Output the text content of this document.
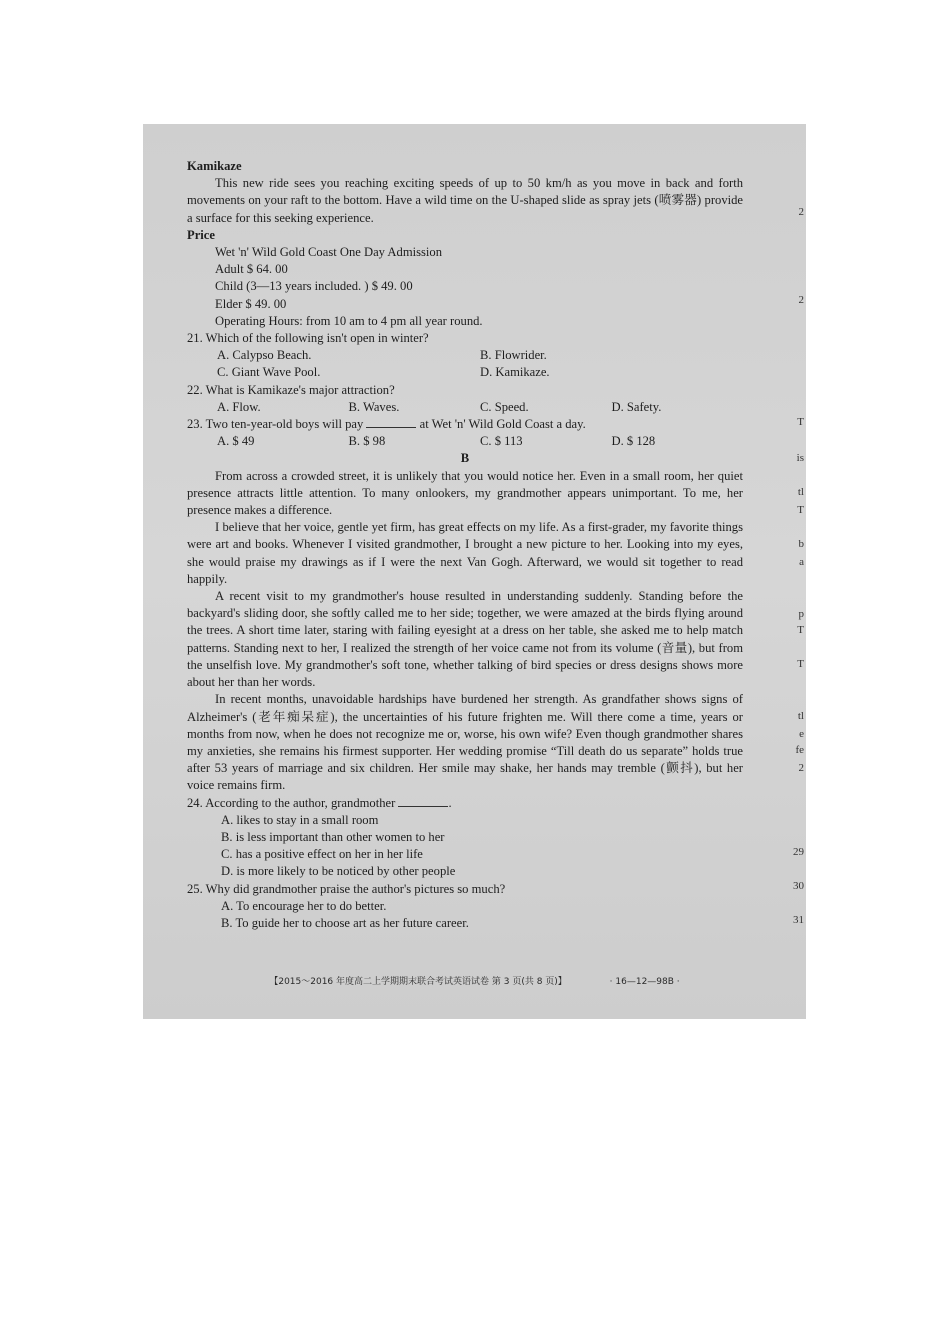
Kamikaze
This new ride sees you reaching exciting speeds of up to 50 km/h as you move in back and forth movements on your raft to the bottom. Have a wild time on the U-shaped slide as spray jets (喷雾器) provide a surface for this seeking experience.
Price
Wet 'n' Wild Gold Coast One Day Admission
Adult $ 64. 00
Child (3—13 years included. ) $ 49. 00
Elder $ 49. 00
Operating Hours: from 10 am to 4 pm all year round.
21. Which of the following isn't open in winter?
A. Calypso Beach.	B. Flowrider.
C. Giant Wave Pool.	D. Kamikaze.
22. What is Kamikaze's major attraction?
A. Flow.	B. Waves.	C. Speed.	D. Safety.
23. Two ten-year-old boys will pay	at Wet 'n' Wild Gold Coast a day.
A. $ 49	B. $ 98	C. $ 113	D. $ 128
B
From across a crowded street, it is unlikely that you would notice her. Even in a small room, her quiet presence attracts little attention. To many onlookers, my grandmother appears unimportant. To me, her presence makes a difference.
I believe that her voice, gentle yet firm, has great effects on my life. As a first-grader, my favorite things were art and books. Whenever I visited grandmother, I brought a new picture to her. Looking into my eyes, she would praise my drawings as if I were the next Van Gogh. Afterward, we would sit together to read happily.
A recent visit to my grandmother's house resulted in understanding suddenly. Standing before the backyard's sliding door, she softly called me to her side; together, we were amazed at the birds flying around the trees. A short time later, staring with failing eyesight at a dress on her table, she asked me to help match patterns. Standing next to her, I realized the strength of her voice came not from its volume (音量), but from the unselfish love. My grandmother's soft tone, whether talking of bird species or dress designs shows more about her than her words.
In recent months, unavoidable hardships have burdened her strength. As grandfather shows signs of Alzheimer's (老年痴呆症), the uncertainties of his future frighten me. Will there come a time, years or months from now, when he does not recognize me or, worse, his own wife? Even though grandmother shares my anxieties, she remains his firmest supporter. Her wedding promise “Till death do us separate” holds true after 53 years of marriage and six children. Her smile may shake, her hands may tremble (颤抖), but her voice remains firm.
24. According to the author, grandmother	.
A. likes to stay in a small room
B. is less important than other women to her
C. has a positive effect on her in her life
D. is more likely to be noticed by other people
25. Why did grandmother praise the author's pictures so much?
A. To encourage her to do better.
B. To guide her to choose art as her future career.
【2015～2016 年度高二上学期期末联合考试英语试卷 第 3 页(共 8 页)】	· 16—12—98B ·
2
2
T
is
tl
T
b
a
p
T
T
tl
e
fe
2
29
30
31
